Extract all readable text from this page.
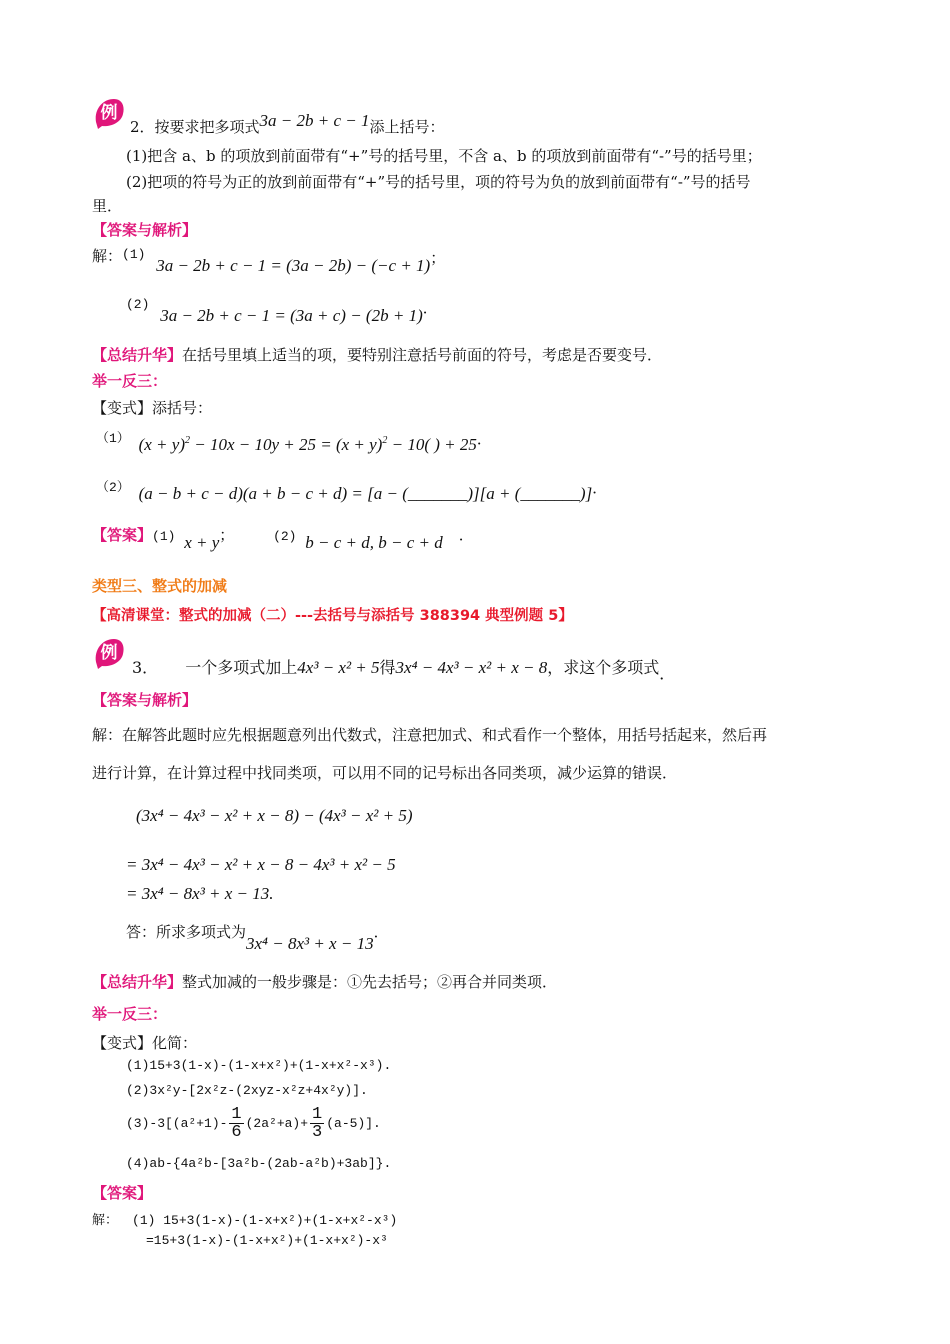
例
2．按要求把多项式3a − 2b + c − 1添上括号：
(1)把含 a、b 的项放到前面带有“+”号的括号里，不含 a、b 的项放到前面带有“-”号的括号里；
(2)把项的符号为正的放到前面带有“+”号的括号里，项的符号为负的放到前面带有“-”号的括号
里．
【答案与解析】
解：(1) 3a − 2b + c − 1 = (3a − 2b) − (−c + 1)；
(2) 3a − 2b + c − 1 = (3a + c) − (2b + 1)．
【总结升华】在括号里填上适当的项，要特别注意括号前面的符号，考虑是否要变号．
举一反三：
【变式】添括号：
（1） $(x + y)^2 - 10x - 10y + 25 = (x + y)^2 - 10$( ) + 25．
（2） (a − b + c − d)(a + b − c + d) = [a − (_______)][a + (_______)]．
【答案】(1) x + y；	(2) b − c + d, b − c + d ．
类型三、整式的加减
【高清课堂：整式的加减（二）---去括号与添括号 388394 典型例题 5】
例
3． 一个多项式加上4x³ − x² + 5得3x⁴ − 4x³ − x² + x − 8，求这个多项式．
【答案与解析】
解：在解答此题时应先根据题意列出代数式，注意把加式、和式看作一个整体，用括号括起来，然后再
进行计算，在计算过程中找同类项，可以用不同的记号标出各同类项，减少运算的错误．
(3x⁴ − 4x³ − x² + x − 8) − (4x³ − x² + 5)
= 3x⁴ − 4x³ − x² + x − 8 − 4x³ + x² − 5
= 3x⁴ − 8x³ + x − 13.
答：所求多项式为3x⁴ − 8x³ + x − 13．
【总结升华】整式加减的一般步骤是：①先去括号；②再合并同类项．
举一反三：
【变式】化简：
(1)15+3(1-x)-(1-x+x²)+(1-x+x²-x³).
(2)3x²y-[2x²z-(2xyz-x²z+4x²y)].
$(3)-3[(a^2+1)- \frac{1}{6} (2a^2+a)+ \frac{1}{3} (a-5)]$.
(4)ab-{4a²b-[3a²b-(2ab-a²b)+3ab]}.
【答案】
解： (1) 15+3(1-x)-(1-x+x²)+(1-x+x²-x³)
=15+3(1-x)-(1-x+x²)+(1-x+x²)-x³
